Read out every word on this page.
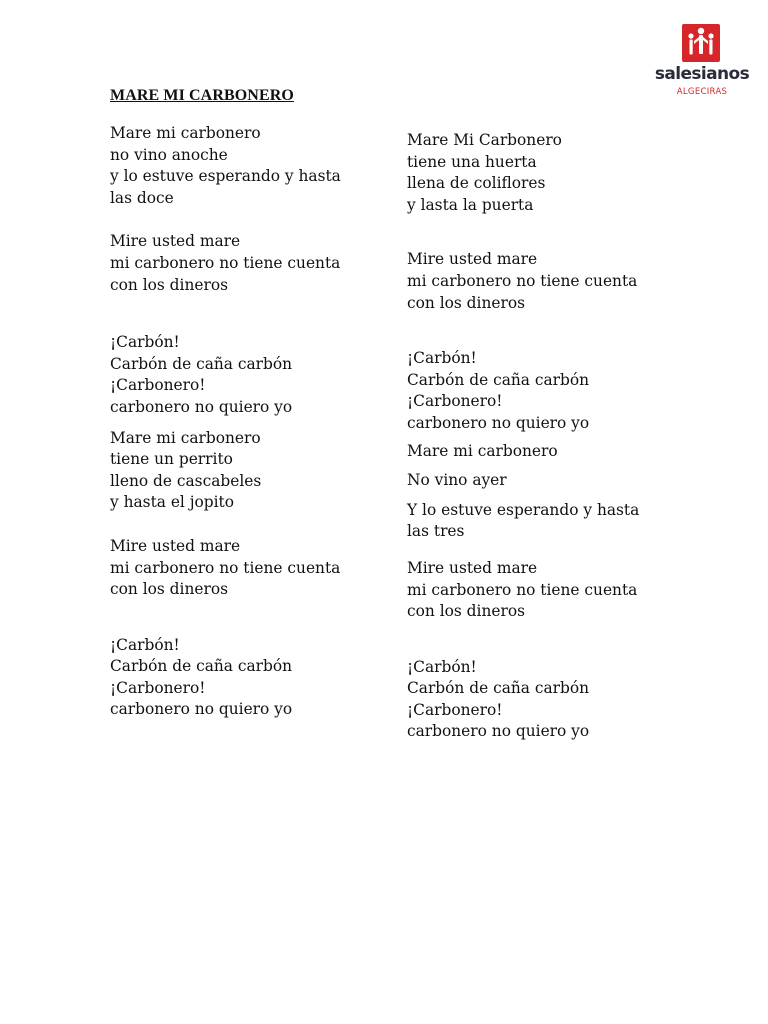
salesianos
ALGECIRAS
MARE MI CARBONERO
Mare mi carbonero
no vino anoche
y lo estuve esperando y hasta
las doce
Mire usted mare
mi carbonero no tiene cuenta
con los dineros
¡Carbón!
Carbón de caña carbón
¡Carbonero!
carbonero no quiero yo
Mare mi carbonero
tiene un perrito
lleno de cascabeles
y hasta el jopito
Mire usted mare
mi carbonero no tiene cuenta
con los dineros
¡Carbón!
Carbón de caña carbón
¡Carbonero!
carbonero no quiero yo
Mare Mi Carbonero
tiene una huerta
llena de coliflores
y lasta la puerta
Mire usted mare
mi carbonero no tiene cuenta
con los dineros
¡Carbón!
Carbón de caña carbón
¡Carbonero!
carbonero no quiero yo
Mare mi carbonero
No vino ayer
Y lo estuve esperando y hasta
las tres
Mire usted mare
mi carbonero no tiene cuenta
con los dineros
¡Carbón!
Carbón de caña carbón
¡Carbonero!
carbonero no quiero yo
